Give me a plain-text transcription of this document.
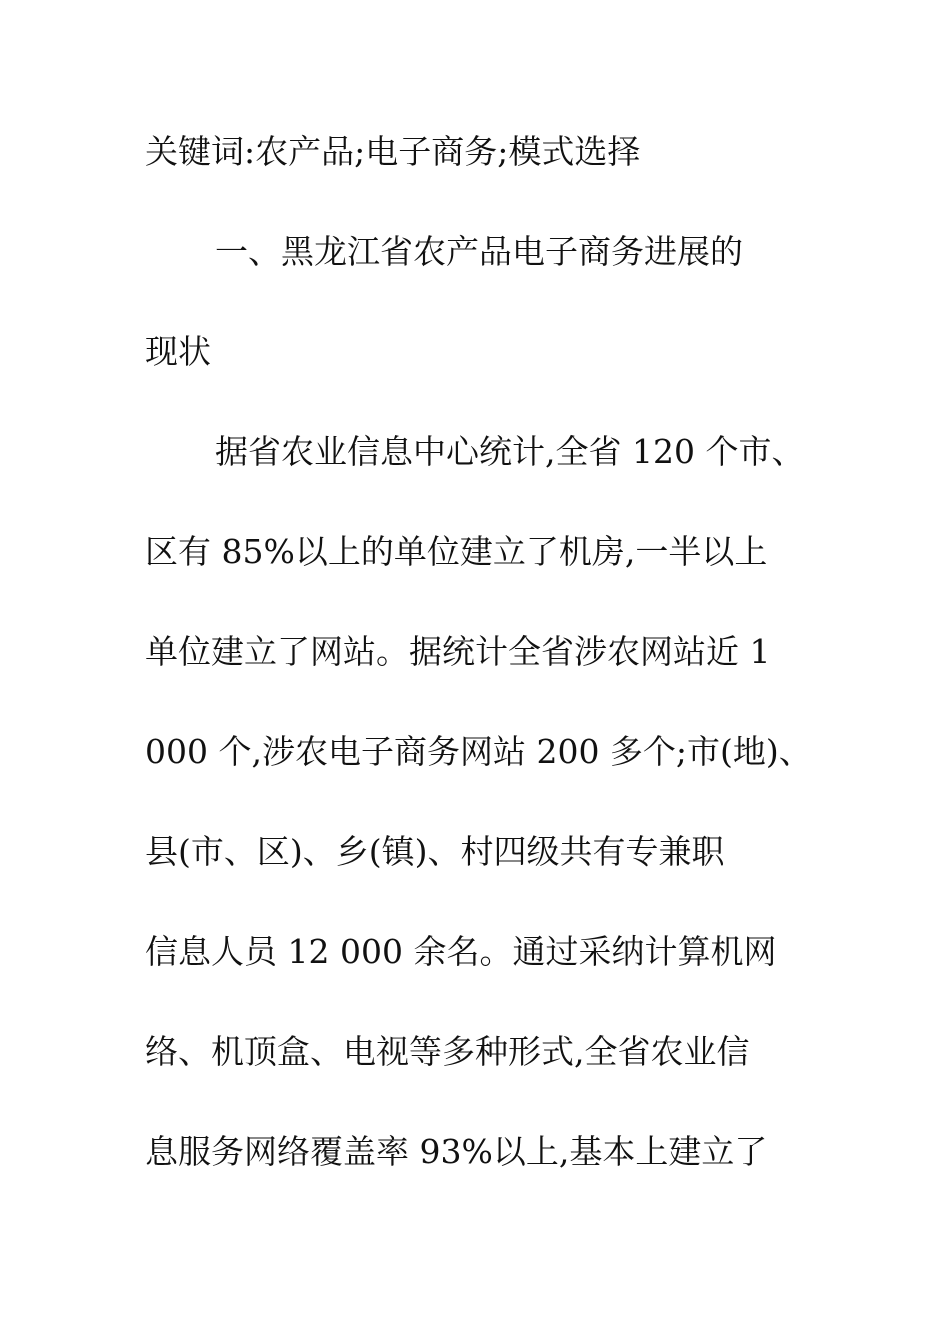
关键词:农产品;电子商务;模式选择
一、黑龙江省农产品电子商务进展的
现状
据省农业信息中心统计,全省 120 个市、
区有 85%以上的单位建立了机房,一半以上
单位建立了网站。据统计全省涉农网站近 1
000 个,涉农电子商务网站 200 多个;市(地)、
县(市、区)、乡(镇)、村四级共有专兼职
信息人员 12 000 余名。通过采纳计算机网
络、机顶盒、电视等多种形式,全省农业信
息服务网络覆盖率 93%以上,基本上建立了
